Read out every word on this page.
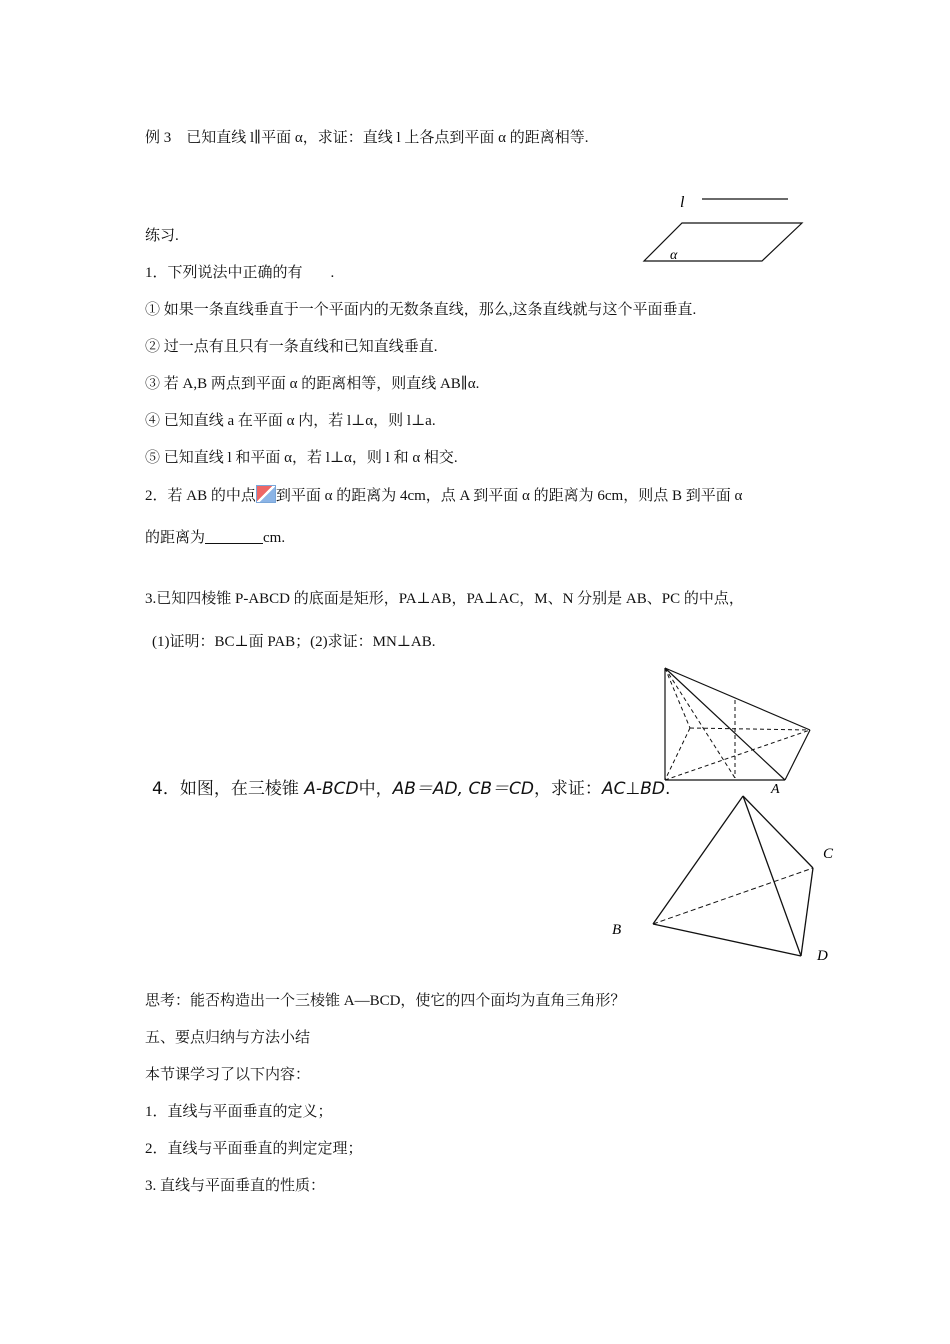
例 3　已知直线 l∥平面 α，求证：直线 l 上各点到平面 α 的距离相等.
l
α
练习.
1．下列说法中正确的有 .
① 如果一条直线垂直于一个平面内的无数条直线，那么,这条直线就与这个平面垂直.
② 过一点有且只有一条直线和已知直线垂直.
③ 若 A,B 两点到平面 α 的距离相等，则直线 AB∥α.
④ 已知直线 a 在平面 α 内，若 l⊥α，则 l⊥a.
⑤ 已知直线 l 和平面 α，若 l⊥α，则 l 和 α 相交.
2．若 AB 的中点 到平面 α 的距离为 4cm，点 A 到平面 α 的距离为 6cm，则点 B 到平面 α
的距离为	cm.
3.已知四棱锥 P-ABCD 的底面是矩形，PA⊥AB，PA⊥AC，M、N 分别是 AB、PC 的中点，
(1)证明：BC⊥面 PAB；(2)求证：MN⊥AB.
A
4．如图，在三棱锥 A-BCD中，AB＝AD, CB＝CD，求证：AC⊥BD.

C
B
D
思考：能否构造出一个三棱锥 A—BCD，使它的四个面均为直角三角形？
五、要点归纳与方法小结
本节课学习了以下内容：
1．直线与平面垂直的定义；
2．直线与平面垂直的判定定理；
3. 直线与平面垂直的性质：
